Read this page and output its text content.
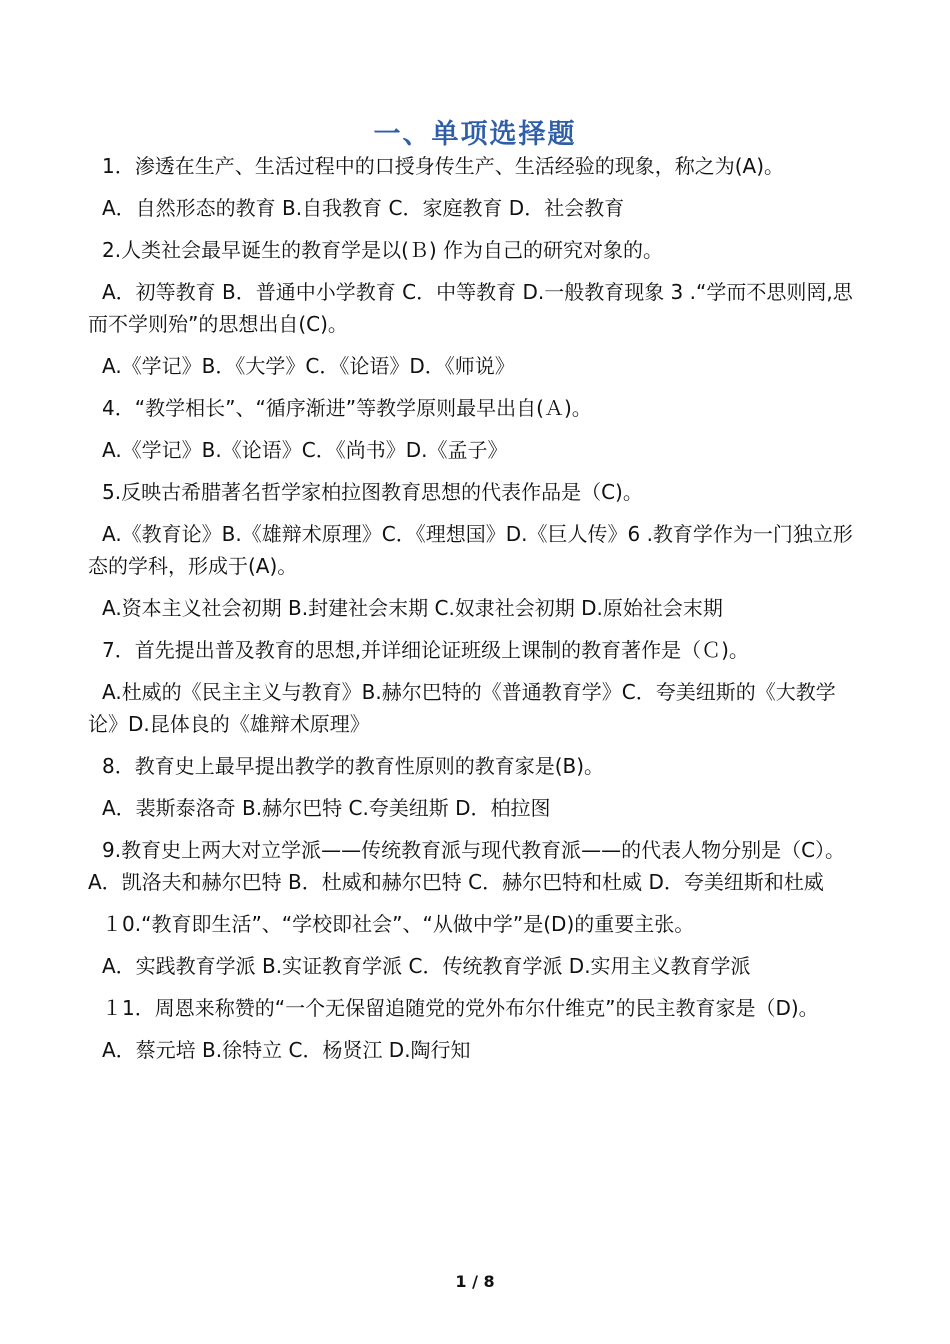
一、单项选择题

1．渗透在生产、生活过程中的口授身传生产、生活经验的现象，称之为(A)。

A．自然形态的教育 B.自我教育 C．家庭教育 D．社会教育

2.人类社会最早诞生的教育学是以(Ｂ) 作为自己的研究对象的。

A．初等教育 B．普通中小学教育 C．中等教育 D.一般教育现象 3 .“学而不思则罔,思而不学则殆”的思想出自(C)。

A.《学记》B．《大学》C．《论语》D．《师说》

4．“教学相长”、“循序渐进”等教学原则最早出自(Ａ)。

A.《学记》B.《论语》C．《尚书》D.《孟子》

5.反映古希腊著名哲学家柏拉图教育思想的代表作品是（C)。

A.《教育论》B.《雄辩术原理》C．《理想国》D.《巨人传》6 .教育学作为一门独立形态的学科，形成于(A)。

A.资本主义社会初期 B.封建社会末期 C.奴隶社会初期 D.原始社会末期

7．首先提出普及教育的思想,并详细论证班级上课制的教育著作是（Ｃ)。

A.杜威的《民主主义与教育》B.赫尔巴特的《普通教育学》C．夸美纽斯的《大教学论》D.昆体良的《雄辩术原理》

8．教育史上最早提出教学的教育性原则的教育家是(B)。

A．裴斯泰洛奇 B.赫尔巴特 C.夸美纽斯 D．柏拉图

9.教育史上两大对立学派——传统教育派与现代教育派——的代表人物分别是（C）。A．凯洛夫和赫尔巴特 B．杜威和赫尔巴特 C．赫尔巴特和杜威 D．夸美纽斯和杜威

１0.“教育即生活”、“学校即社会”、“从做中学”是(D)的重要主张。

A．实践教育学派 B.实证教育学派 C．传统教育学派 D.实用主义教育学派

１1．周恩来称赞的“一个无保留追随党的党外布尔什维克”的民主教育家是（D)。

A．蔡元培 B.徐特立 C．杨贤江 D.陶行知

1 / 8
